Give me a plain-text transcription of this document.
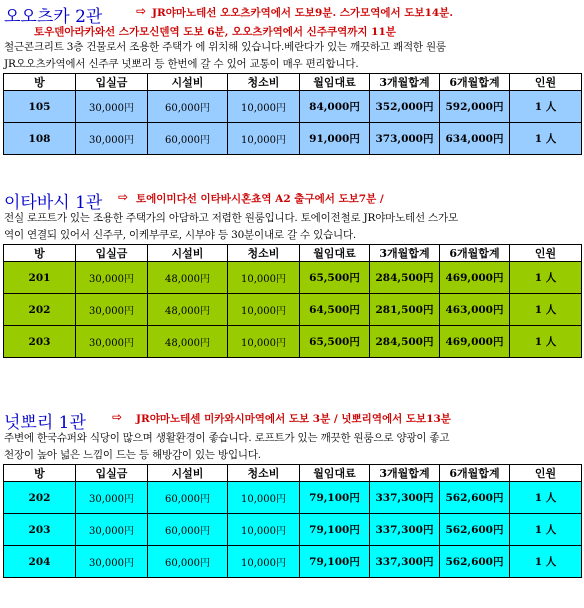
오오츠카 2관	⇨ JR야마노테선 오오츠카역에서 도보9분. 스가모역에서 도보14분.
토우덴아라카와선 스가모신덴역 도보 6분, 오오츠카역에서 신주쿠역까지 11분
철근콘크리트 3층 건물로서 조용한 주택가 에 위치해 있습니다.베란다가 있는 깨끗하고 쾌적한 원룸
JR오오츠카역에서 신주쿠 넛뽀리 등 한번에 갈 수 있어 교통이 매우 편리합니다.
방	입실금	시설비	청소비	월임대료	3개월합계	6개월합계	인원
105	30,000円	60,000円	10,000円	84,000円	352,000円	592,000円	1 人
108	30,000円	60,000円	10,000円	91,000円	373,000円	634,000円	1 人
이타바시 1관 ⇨ 토에이미다선 이타바시혼쵸역 A2 출구에서 도보7분 /
전실 로프트가 있는 조용한 주택가의 아담하고 저렴한 원룸입니다. 토에이전철로 JR야마노테선 스가모
역이 연결되 있어서 신주쿠, 이케부쿠로, 시부야 등 30분이내로 갈 수 있습니다.
방	입실금	시설비	청소비	월임대료	3개월합계	6개월합계	인원
201	30,000円	48,000円	10,000円	65,500円	284,500円	469,000円	1 人
202	30,000円	48,000円	10,000円	64,500円	281,500円	463,000円	1 人
203	30,000円	48,000円	10,000円	65,500円	284,500円	469,000円	1 人
넛뽀리 1관 ⇨ JR야마노테센 미카와시마역에서 도보 3분 / 넛뽀리역에서 도보13분
주변에 한국슈퍼와 식당이 많으며 생활환경이 좋습니다. 로프트가 있는 깨끗한 원룸으로 양광이 좋고
천장이 높아 넓은 느낌이 드는 등 해방감이 있는 방입니다.
방	입실금	시설비	청소비	월임대료	3개월합계	6개월합계	인원
202	30,000円	60,000円	10,000円	79,100円	337,300円	562,600円	1 人
203	30,000円	60,000円	10,000円	79,100円	337,300円	562,600円	1 人
204	30,000円	60,000円	10,000円	79,100円	337,300円	562,600円	1 人
